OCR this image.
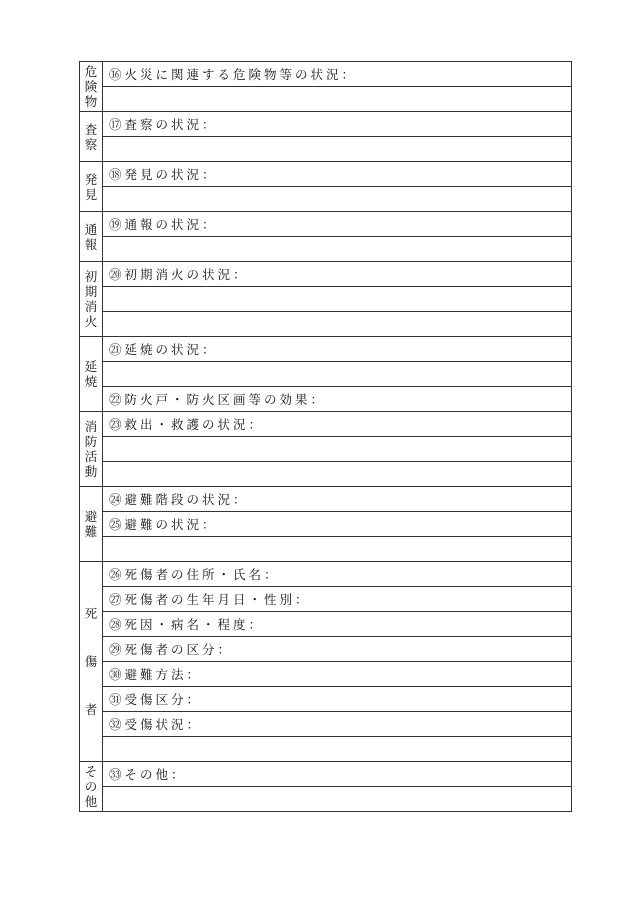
危
険
物	⑯火災に関連する危険物等の状況：

査
察	⑰査察の状況：

発
見	⑱発見の状況：

通
報	⑲通報の状況：

初
期
消
火	⑳初期消火の状況：

延
焼	㉑延焼の状況：

	㉒防火戸・防火区画等の効果：

消
防
活
動	㉓救出・救護の状況：

避
難	㉔避難階段の状況：
	㉕避難の状況：

死
傷
者	㉖死傷者の住所・氏名：
	㉗死傷者の生年月日・性別：
	㉘死因・病名・程度：
	㉙死傷者の区分：
	㉚避難方法：
	㉛受傷区分：
	㉜受傷状況：

そ
の
他	㉝その他：
